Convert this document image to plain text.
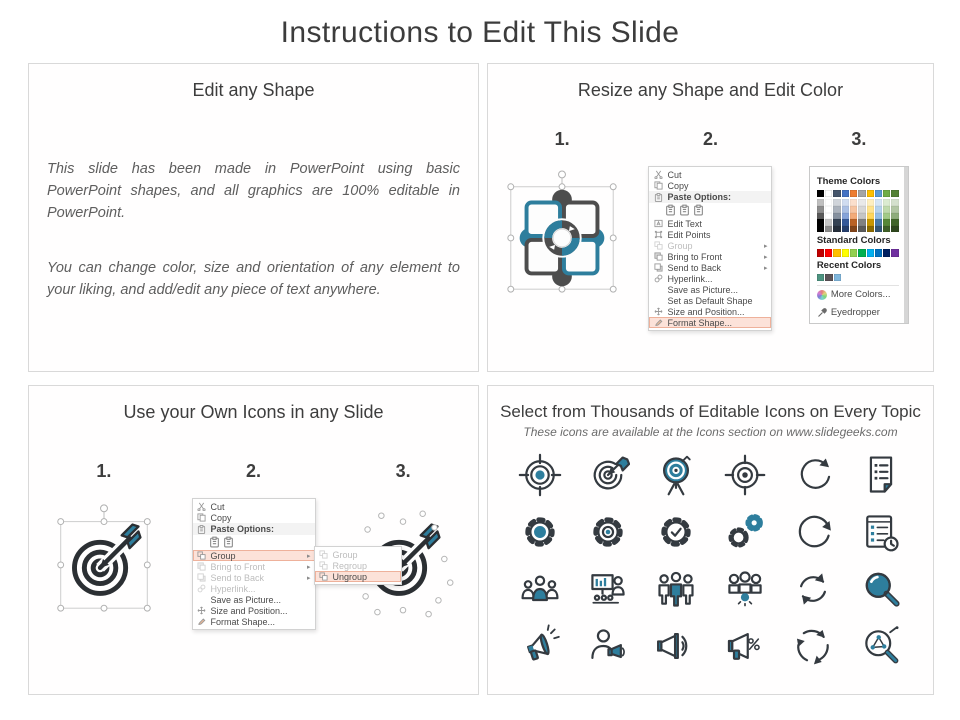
Instructions to Edit This Slide
Edit any Shape

This slide has been made in PowerPoint using basic PowerPoint shapes, and all graphics are 100% editable in PowerPoint.

You can change color, size and orientation of any element to your liking, and add/edit any piece of text anywhere.

Resize any Shape and Edit Color
1.	2.
Cut
Copy
Paste Options:
Edit Text
Edit Points
Group	▸
Bring to Front	▸
Send to Back	▸
Hyperlink...
Save as Picture...
Set as Default Shape
Size and Position...
Format Shape...
3.
Theme Colors
Standard Colors
Recent Colors
More Colors...
Eyedropper
Use your Own Icons in any Slide
1.	2.
Cut
Copy
Paste Options:
Group	▸
Bring to Front	▸
Send to Back	▸
Hyperlink...
Save as Picture...
Size and Position...
Format Shape...
Group
Regroup
Ungroup
3.
Select from Thousands of Editable Icons on Every Topic
These icons are available at the Icons section on www.slidegeeks.com
